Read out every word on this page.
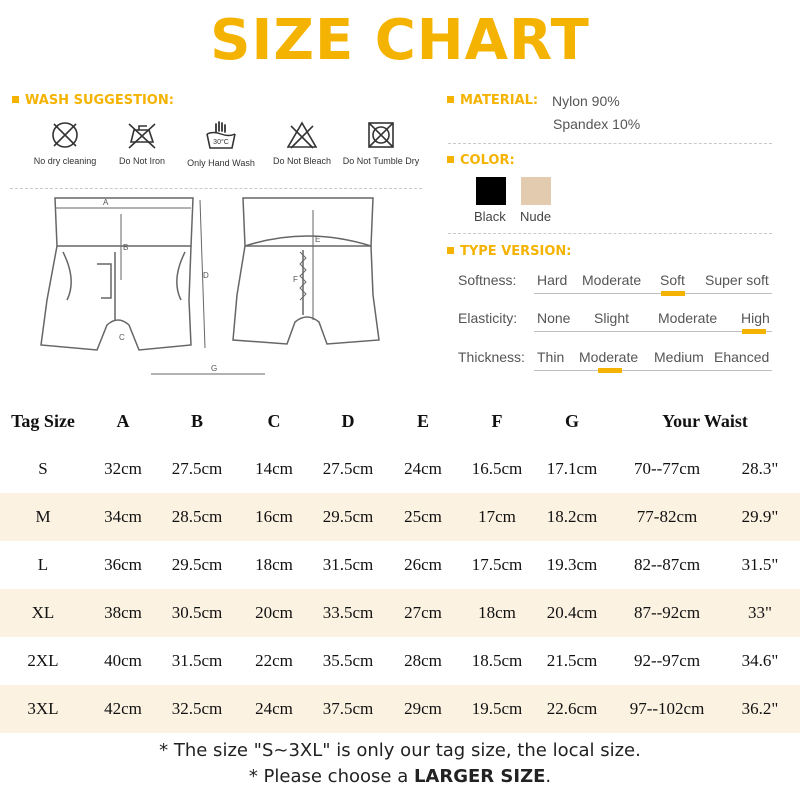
SIZE CHART
WASH SUGGESTION:
No dry cleaning	Do Not Iron
30°C
Only Hand Wash	Do Not Bleach	Do Not Tumble Dry
A
B
C
D
G
E
F
MATERIAL: Nylon 90%
Spandex 10%
COLOR:
Black Nude
TYPE VERSION:
Softness: Hard Moderate Soft Super soft
Elasticity: None Slight Moderate High
Thickness: Thin Moderate Medium Ehanced
Tag Size	A	B	C	D	E	F	G	Your Waist
S	32cm	27.5cm	14cm	27.5cm	24cm	16.5cm	17.1cm	70--77cm	28.3"
M	34cm	28.5cm	16cm	29.5cm	25cm	17cm	18.2cm	77-82cm	29.9"
L	36cm	29.5cm	18cm	31.5cm	26cm	17.5cm	19.3cm	82--87cm	31.5"
XL	38cm	30.5cm	20cm	33.5cm	27cm	18cm	20.4cm	87--92cm	33"
2XL	40cm	31.5cm	22cm	35.5cm	28cm	18.5cm	21.5cm	92--97cm	34.6"
3XL	42cm	32.5cm	24cm	37.5cm	29cm	19.5cm	22.6cm	97--102cm	36.2"
* The size "S~3XL" is only our tag size, the local size.
* Please choose a LARGER SIZE.
